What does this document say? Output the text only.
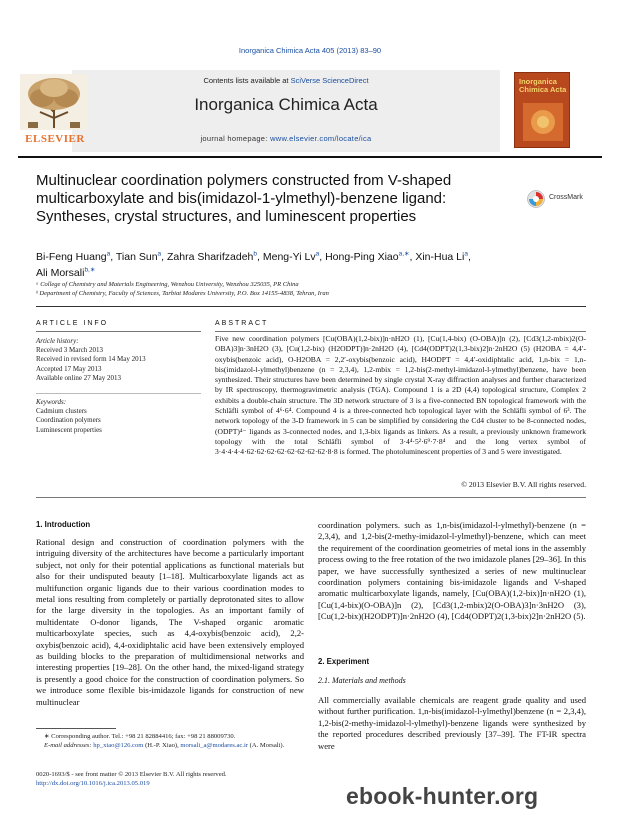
Inorganica Chimica Acta 405 (2013) 83–90
ELSEVIER
Contents lists available at SciVerse ScienceDirect
Inorganica Chimica Acta
journal homepage: www.elsevier.com/locate/ica
Inorganica Chimica Acta
Multinuclear coordination polymers constructed from V-shaped multicarboxylate and bis(imidazol-1-ylmethyl)-benzene ligand: Syntheses, crystal structures, and luminescent properties
CrossMark
Bi-Feng Huang$^a$, Tian Sun$^a$, Zahra Sharifzadeh$^b$, Meng-Yi Lv$^a$, Hong-Ping Xiao$^{a,∗}$, Xin-Hua Li$^a$,
Ali Morsali$^{b,∗}$
ᵃ College of Chemistry and Materials Engineering, Wenzhou University, Wenzhou 325035, PR China
ᵇ Department of Chemistry, Faculty of Sciences, Tarbiat Modares University, P.O. Box 14155-4838, Tehran, Iran
ARTICLE INFO
Article history:
Received 3 March 2013
Received in revised form 14 May 2013
Accepted 17 May 2013
Available online 27 May 2013
Keywords:
Cadmium clusters
Coordination polymers
Luminescent properties
ABSTRACT
Five new coordination polymers [Cu(OBA)(1,2-bix)]n·nH2O (1), [Cu(1,4-bix) (O-OBA)]n (2), [Cd3(1,2-mbix)2(O-OBA)3]n·3nH2O (3), [Cu(1,2-bix) (H2ODPT)]n·2nH2O (4), [Cd4(ODPT)2(1,3-bix)2]n·2nH2O (5) (H2OBA = 4,4′-oxybis(benzoic acid), O-H2OBA = 2,2′-oxybis(benzoic acid), H4ODPT = 4,4′-oxidiphtalic acid, 1,n-bix = 1,n-bis(imidazol-l-ylmethyl)benzene (n = 2,3,4), 1,2-mbix = 1,2-bis(2-methyl-imidazol-l-ylmethyl)benzene, have been synthesized. Their structures have been determined by single crystal X-ray diffraction analyses and further characterized by IR spectroscopy, thermogravimetric analysis (TGA). Compound 1 is a 2D (4,4) topological structure, Complex 2 exhibits a double-chain structure. The 3D network structure of 3 is a five-connected BN topological framework with the Schläfli symbol of 4⁶·6⁴. Compound 4 is a three-connected hcb topological layer with the Schläfli symbol of 6³. The network topology of the 3-D framework in 5 can be simplified by considering the Cd4 cluster to be 8-connected nodes, (ODPT)⁴⁻ ligands as 3-connected nodes, and 1,3-bix ligands as linkers. As a result, a previously unknown framework topology with the total Schläfli symbol of 3·4⁴·5²·6⁹·7·8⁴ and the long vertex symbol of 3·4·4·4·4·62·62·62·62·62·62·62·62·8·8 is formed. The photoluminescent properties of 3 and 5 were investigated.
© 2013 Elsevier B.V. All rights reserved.
1. Introduction
Rational design and construction of coordination polymers with the intriguing diversity of the architectures have become a particularly important subject, not only for their potential applications as functional materials but also for their undisputed beauty [1–18]. Multicarboxylate ligands act as multifunction organic ligands due to their various coordination modes to metal ions resulting from completely or partially deprotonated sites to allow for the large diversity in the topologies. As an important family of multidentate O-donor ligands, The V-shaped organic aromatic multicarboxylate species, such as 4,4-oxybis(benzoic acid), 2,2-oxybis(benzoic acid), 4,4-oxidiphtalic acid have been extensively employed as building blocks to the preparation of multidimensional networks and interesting properties [19–28]. On the other hand, the mixed-ligand strategy is presently a good choice for the construction of coordination polymers. So we introduce some flexible bis-imidazole ligands for construction of new multinuclear
∗ Corresponding author. Tel.: +98 21 82884416; fax: +98 21 88009730.
E-mail addresses: hp_xiao@126.com (H.-P. Xiao), morsali_a@modares.ac.ir (A. Morsali).
0020-1693/$ - see front matter © 2013 Elsevier B.V. All rights reserved.
http://dx.doi.org/10.1016/j.ica.2013.05.019
coordination polymers. such as 1,n-bis(imidazol-l-ylmethyl)-benzene (n = 2,3,4), and 1,2-bis(2-methy-imidazol-l-ylmethyl)-benzene, which can meet the requirement of the coordination geometries of metal ions in the assembly process owing to the free rotation of the two imidazole planes [29–36]. In this paper, we have successfully synthesized a series of new multinuclear coordination polymers containing bis-imidazole ligands and V-shaped aromatic multicarboxylate ligands, namely, [Cu(OBA)(1,2-bix)]n·nH2O (1), [Cu(1,4-bix)(O-OBA)]n (2), [Cd3(1,2-mbix)2(O-OBA)3]n·3nH2O (3), [Cu(1,2-bix)(H2ODPT)]n·2nH2O (4), [Cd4(ODPT)2(1,3-bix)2]n·2nH2O (5).
2. Experiment
2.1. Materials and methods
All commercially available chemicals are reagent grade quality and used without further purification. 1,n-bis(imidazol-l-ylmethyl)benzene (n = 2,3,4), 1,2-bis(2-methy-imidazol-l-ylmethyl)-benzene ligands were synthesized by the reported procedures described previously [37–39]. The FT-IR spectra were
ebook-hunter.org
